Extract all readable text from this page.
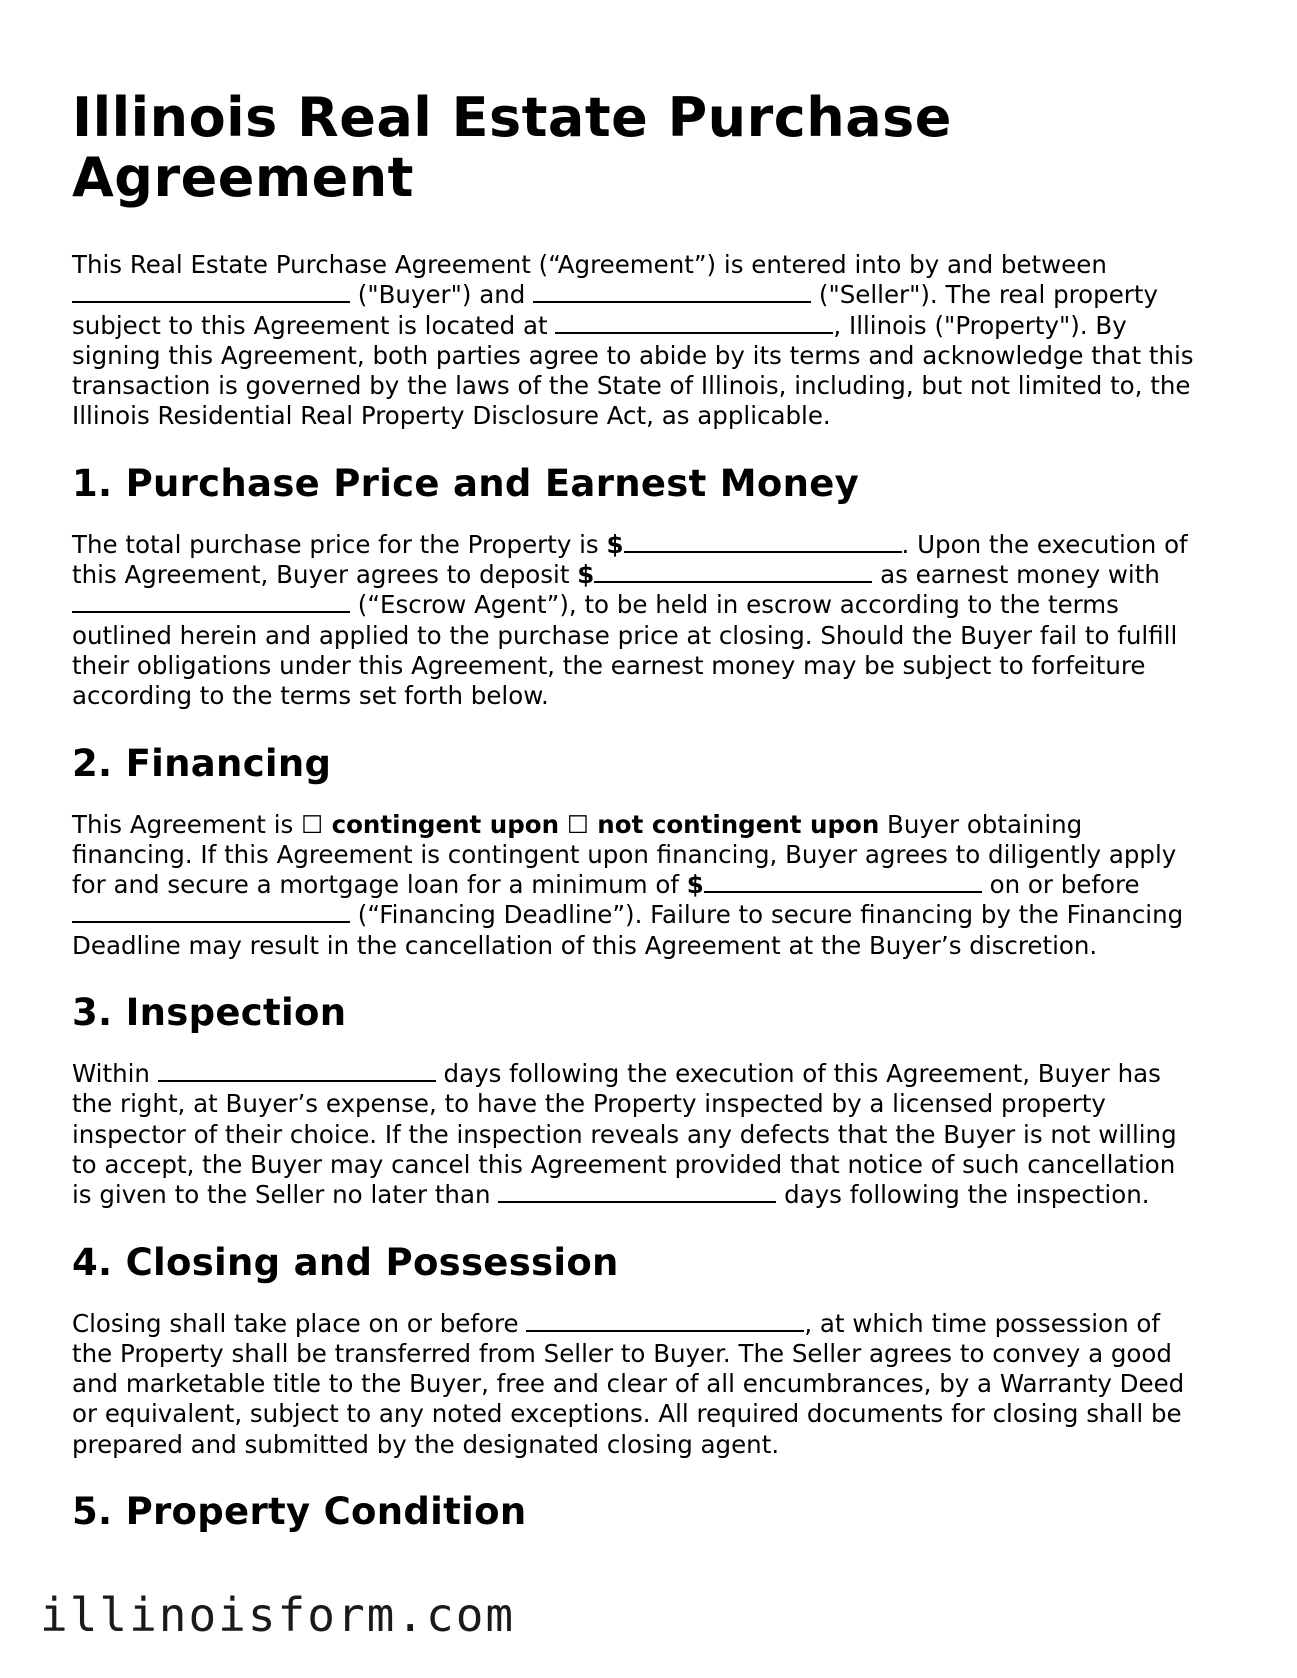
Illinois Real Estate Purchase Agreement

This Real Estate Purchase Agreement (“Agreement”) is entered into by and between
("Buyer") and	("Seller"). The real property
subject to this Agreement is located at	, Illinois ("Property"). By
signing this Agreement, both parties agree to abide by its terms and acknowledge that this
transaction is governed by the laws of the State of Illinois, including, but not limited to, the
Illinois Residential Real Property Disclosure Act, as applicable.

1. Purchase Price and Earnest Money

The total purchase price for the Property is $	. Upon the execution of
this Agreement, Buyer agrees to deposit $	as earnest money with
(“Escrow Agent”), to be held in escrow according to the terms
outlined herein and applied to the purchase price at closing. Should the Buyer fail to fulfill
their obligations under this Agreement, the earnest money may be subject to forfeiture
according to the terms set forth below.

2. Financing

This Agreement is ☐ contingent upon ☐ not contingent upon Buyer obtaining
financing. If this Agreement is contingent upon financing, Buyer agrees to diligently apply
for and secure a mortgage loan for a minimum of $	on or before
(“Financing Deadline”). Failure to secure financing by the Financing
Deadline may result in the cancellation of this Agreement at the Buyer’s discretion.

3. Inspection

Within	days following the execution of this Agreement, Buyer has
the right, at Buyer’s expense, to have the Property inspected by a licensed property
inspector of their choice. If the inspection reveals any defects that the Buyer is not willing
to accept, the Buyer may cancel this Agreement provided that notice of such cancellation
is given to the Seller no later than	days following the inspection.

4. Closing and Possession

Closing shall take place on or before	, at which time possession of
the Property shall be transferred from Seller to Buyer. The Seller agrees to convey a good
and marketable title to the Buyer, free and clear of all encumbrances, by a Warranty Deed
or equivalent, subject to any noted exceptions. All required documents for closing shall be
prepared and submitted by the designated closing agent.

5. Property Condition
illinoisform.com
